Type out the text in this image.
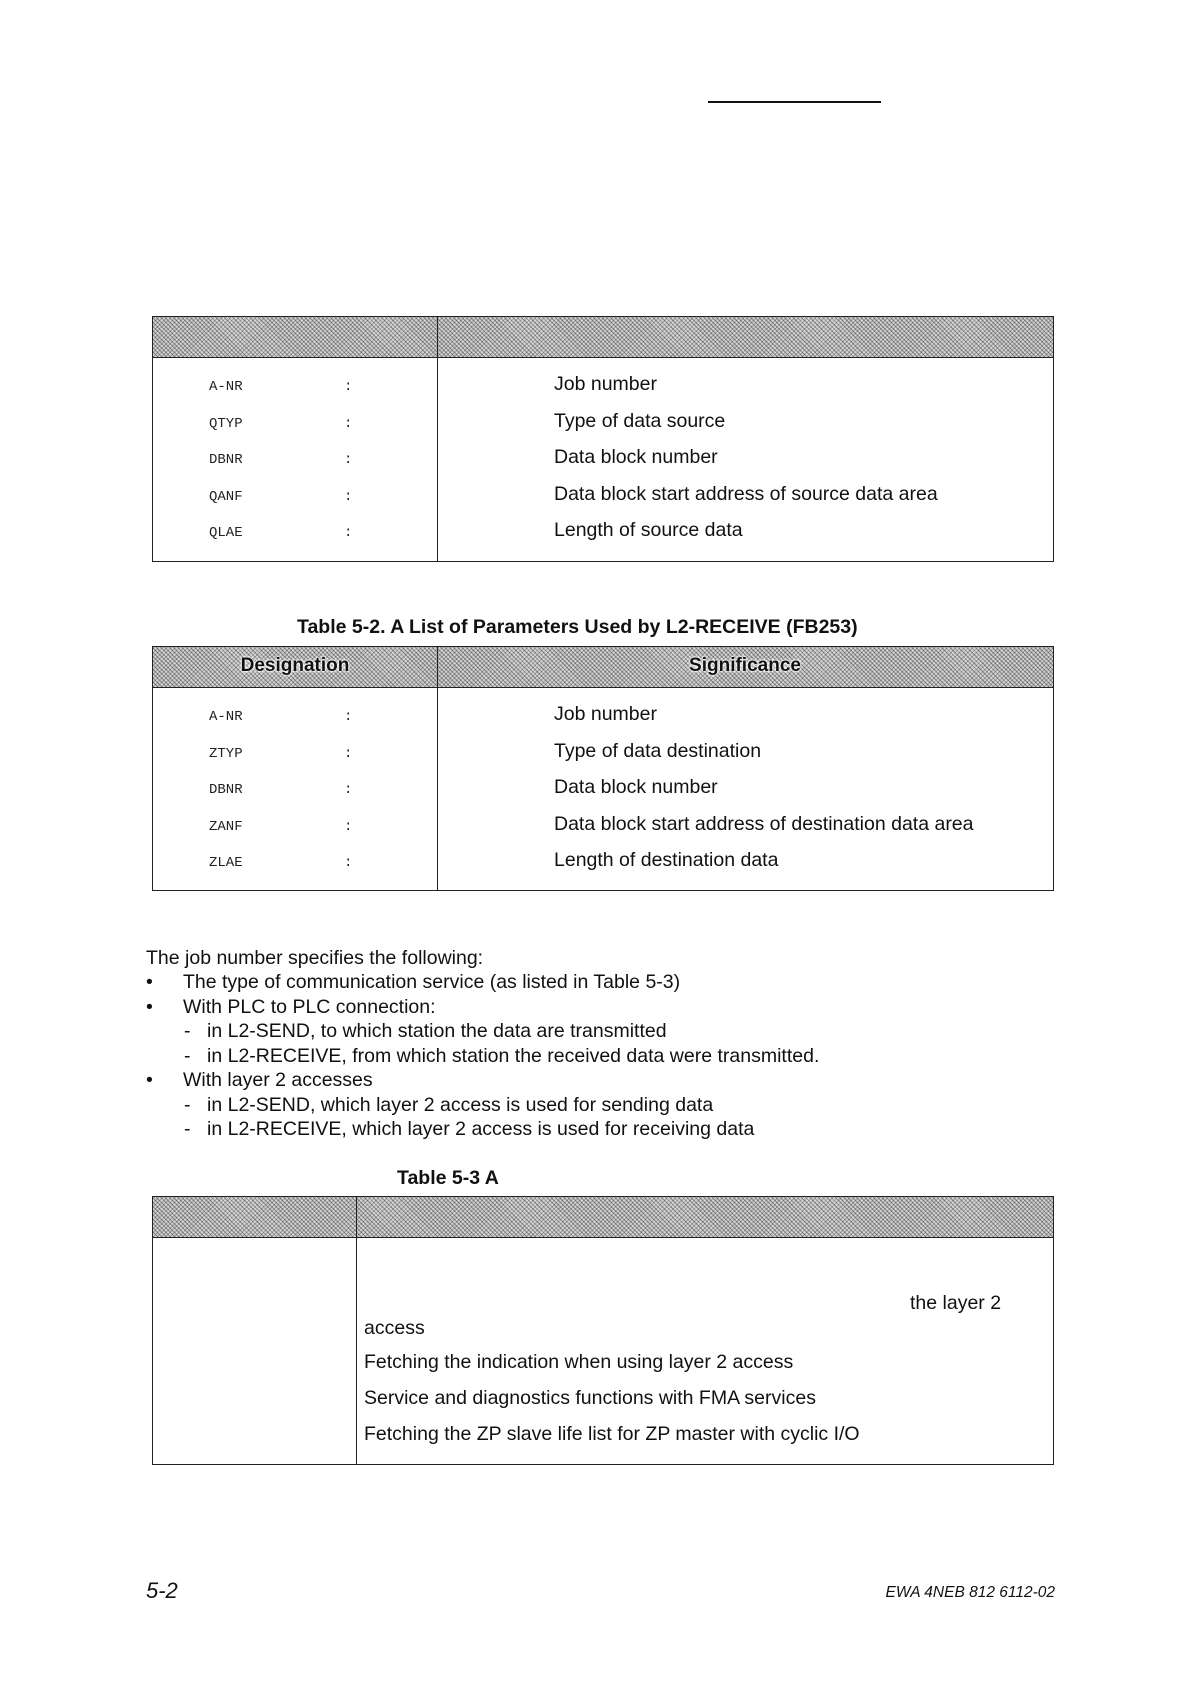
A-NR	:	Job number
QTYP	:	Type of data source
DBNR	:	Data block number
QANF	:	Data block start address of source data area
QLAE	:	Length of source data
Table 5-2. A List of Parameters Used by L2-RECEIVE (FB253)
Designation	Significance
A-NR	:	Job number
ZTYP	:	Type of data destination
DBNR	:	Data block number
ZANF	:	Data block start address of destination data area
ZLAE	:	Length of destination data
The job number specifies the following:
• The type of communication service (as listed in Table 5-3)
• With PLC to PLC connection:
- in L2-SEND, to which station the data are transmitted
- in L2-RECEIVE, from which station the received data were transmitted.
• With layer 2 accesses
- in L2-SEND, which layer 2 access is used for sending data
- in L2-RECEIVE, which layer 2 access is used for receiving data
Table 5-3 A
the layer 2
access
Fetching the indication when using layer 2 access
Service and diagnostics functions with FMA services
Fetching the ZP slave life list for ZP master with cyclic I/O
5-2	EWA 4NEB 812 6112-02
